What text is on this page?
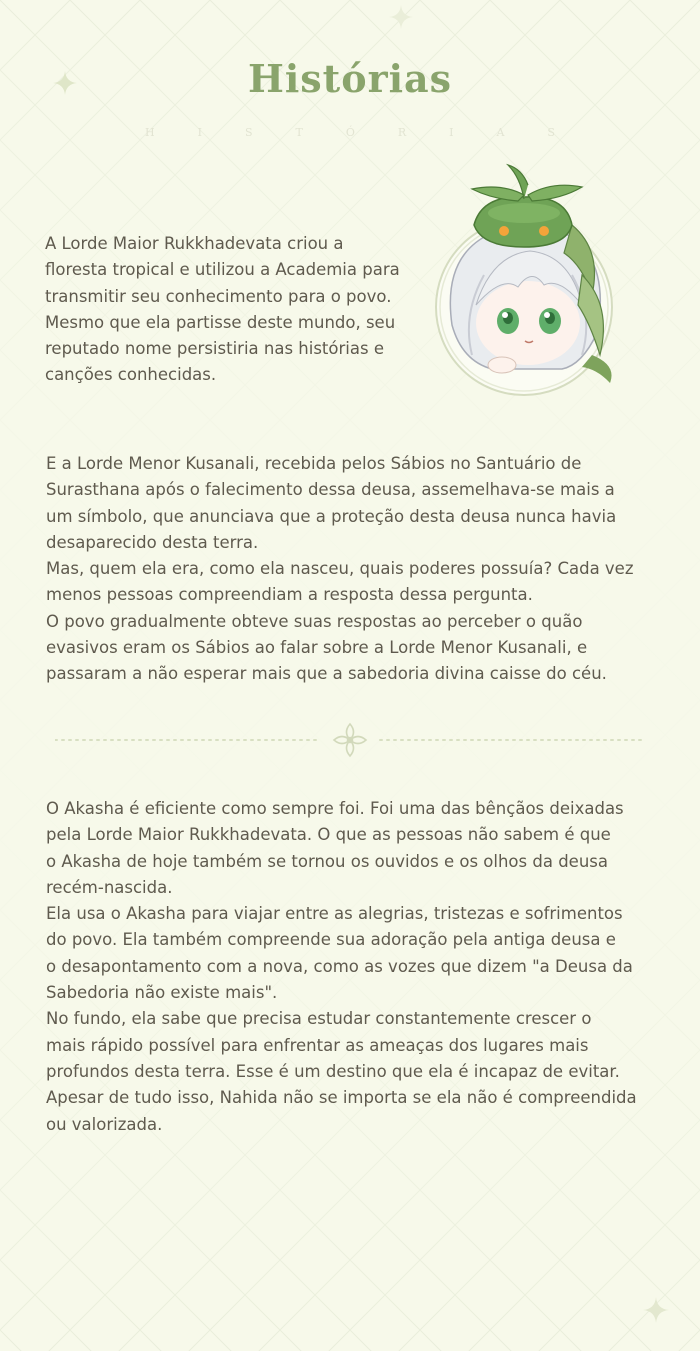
Histórias
HISTÓRIAS
A Lorde Maior Rukkhadevata criou a
floresta tropical e utilizou a Academia para
transmitir seu conhecimento para o povo.
Mesmo que ela partisse deste mundo, seu
reputado nome persistiria nas histórias e
canções conhecidas.
E a Lorde Menor Kusanali, recebida pelos Sábios no Santuário de
Surasthana após o falecimento dessa deusa, assemelhava-se mais a
um símbolo, que anunciava que a proteção desta deusa nunca havia
desaparecido desta terra.
Mas, quem ela era, como ela nasceu, quais poderes possuía? Cada vez
menos pessoas compreendiam a resposta dessa pergunta.
O povo gradualmente obteve suas respostas ao perceber o quão
evasivos eram os Sábios ao falar sobre a Lorde Menor Kusanali, e
passaram a não esperar mais que a sabedoria divina caisse do céu.
O Akasha é eficiente como sempre foi. Foi uma das bênçãos deixadas
pela Lorde Maior Rukkhadevata. O que as pessoas não sabem é que
o Akasha de hoje também se tornou os ouvidos e os olhos da deusa
recém-nascida.
Ela usa o Akasha para viajar entre as alegrias, tristezas e sofrimentos
do povo. Ela também compreende sua adoração pela antiga deusa e
o desapontamento com a nova, como as vozes que dizem "a Deusa da
Sabedoria não existe mais".
No fundo, ela sabe que precisa estudar constantemente crescer o
mais rápido possível para enfrentar as ameaças dos lugares mais
profundos desta terra. Esse é um destino que ela é incapaz de evitar.
Apesar de tudo isso, Nahida não se importa se ela não é compreendida
ou valorizada.
